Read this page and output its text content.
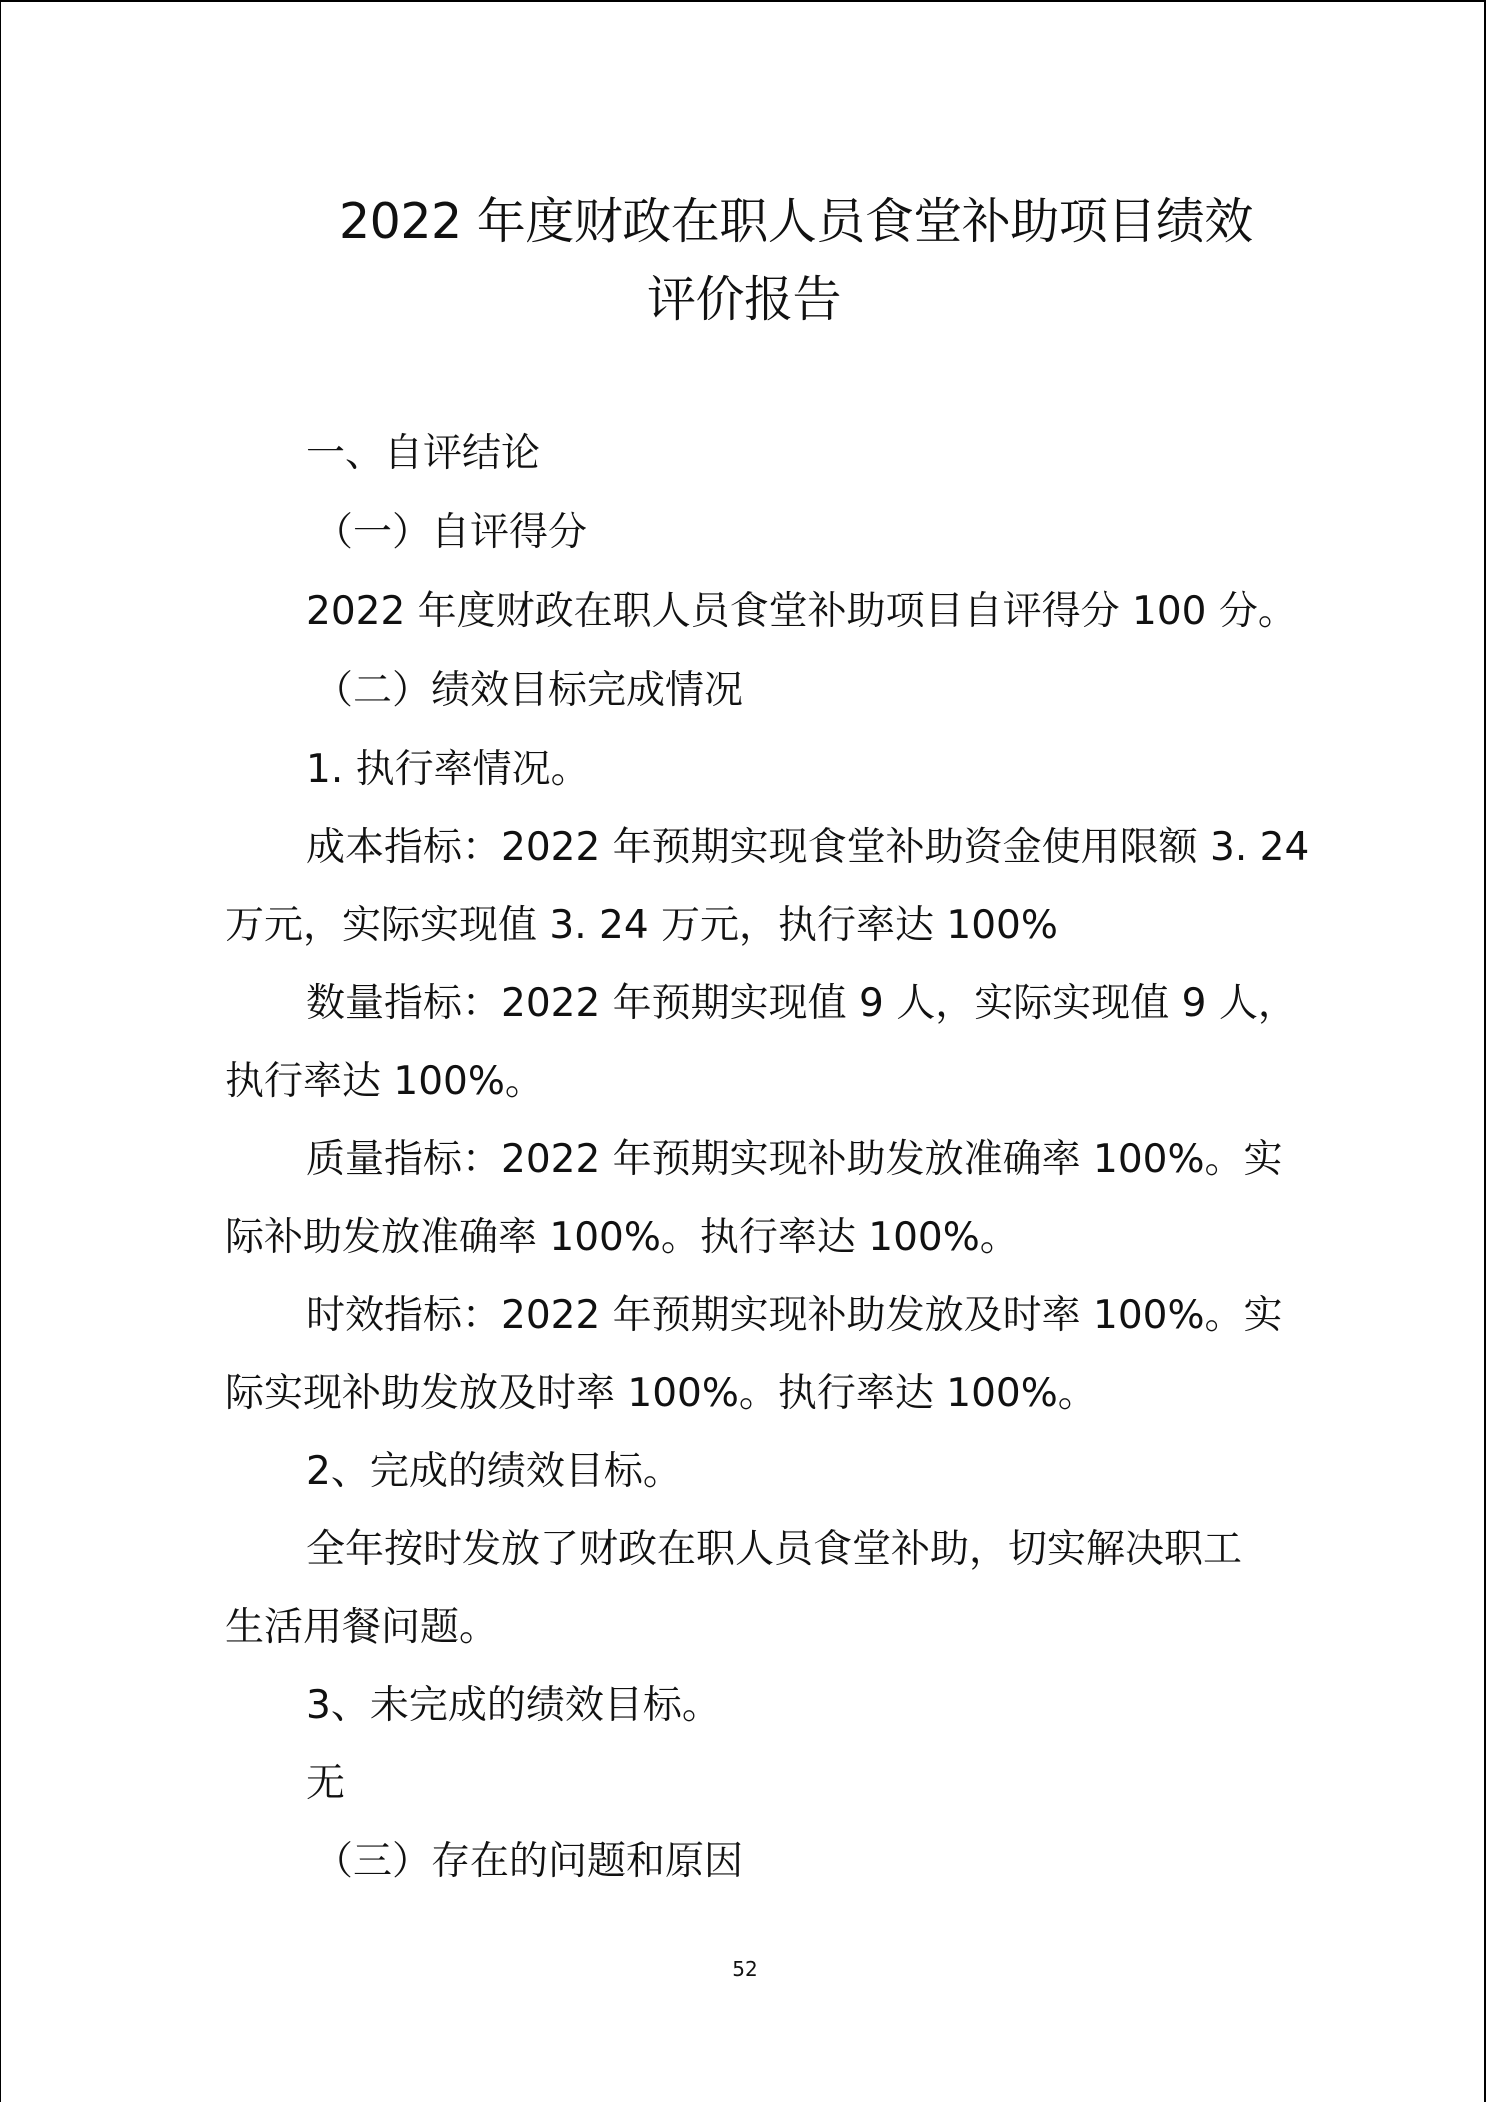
2022 年度财政在职人员食堂补助项目绩效
评价报告
一、自评结论
（一）自评得分
2022 年度财政在职人员食堂补助项目自评得分 100 分。
（二）绩效目标完成情况
1. 执行率情况。
成本指标：2022 年预期实现食堂补助资金使用限额 3. 24
万元，实际实现值 3. 24 万元，执行率达 100%
数量指标：2022 年预期实现值 9 人，实际实现值 9 人，
执行率达 100%。
质量指标：2022 年预期实现补助发放准确率 100%。实
际补助发放准确率 100%。执行率达 100%。
时效指标：2022 年预期实现补助发放及时率 100%。实
际实现补助发放及时率 100%。执行率达 100%。
2、完成的绩效目标。
全年按时发放了财政在职人员食堂补助，切实解决职工
生活用餐问题。
3、未完成的绩效目标。
无
（三）存在的问题和原因
52
